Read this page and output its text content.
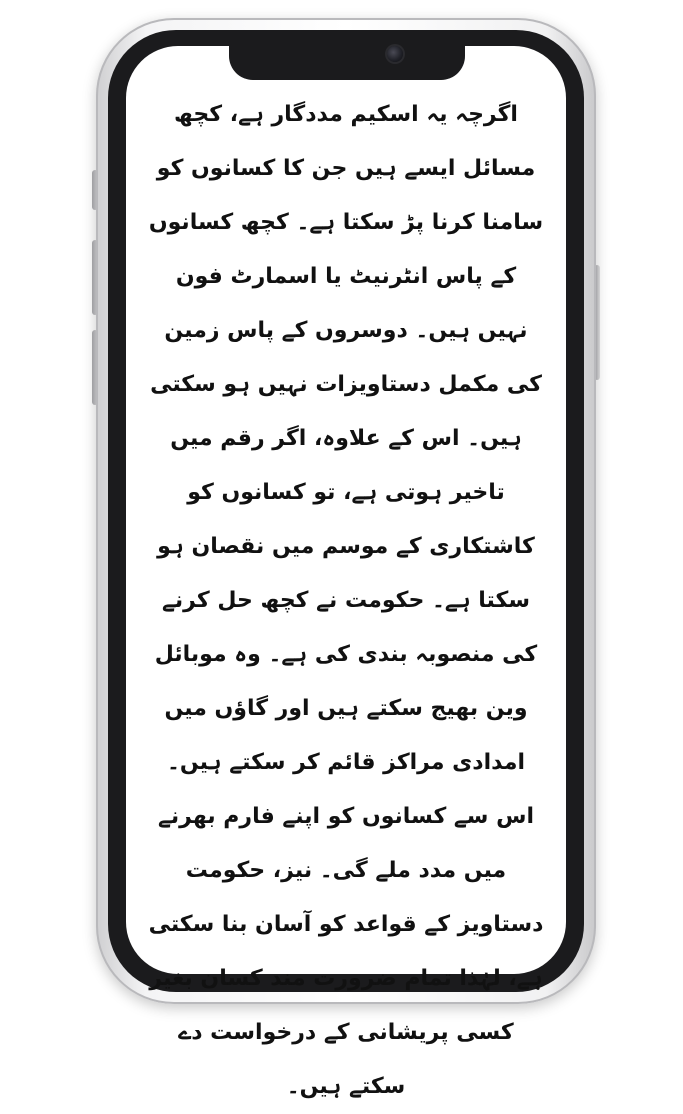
اگرچہ یہ اسکیم مددگار ہے، کچھ مسائل ایسے ہیں جن کا کسانوں کو سامنا کرنا پڑ سکتا ہے۔ کچھ کسانوں کے پاس انٹرنیٹ یا اسمارٹ فون نہیں ہیں۔ دوسروں کے پاس زمین کی مکمل دستاویزات نہیں ہو سکتی ہیں۔ اس کے علاوہ، اگر رقم میں تاخیر ہوتی ہے، تو کسانوں کو کاشتکاری کے موسم میں نقصان ہو سکتا ہے۔ حکومت نے کچھ حل کرنے کی منصوبہ بندی کی ہے۔ وہ موبائل وین بھیج سکتے ہیں اور گاؤں میں امدادی مراکز قائم کر سکتے ہیں۔ اس سے کسانوں کو اپنے فارم بھرنے میں مدد ملے گی۔ نیز، حکومت دستاویز کے قواعد کو آسان بنا سکتی ہے، لہٰذا تمام ضرورت مند کسان بغیر کسی پریشانی کے درخواست دے سکتے ہیں۔
